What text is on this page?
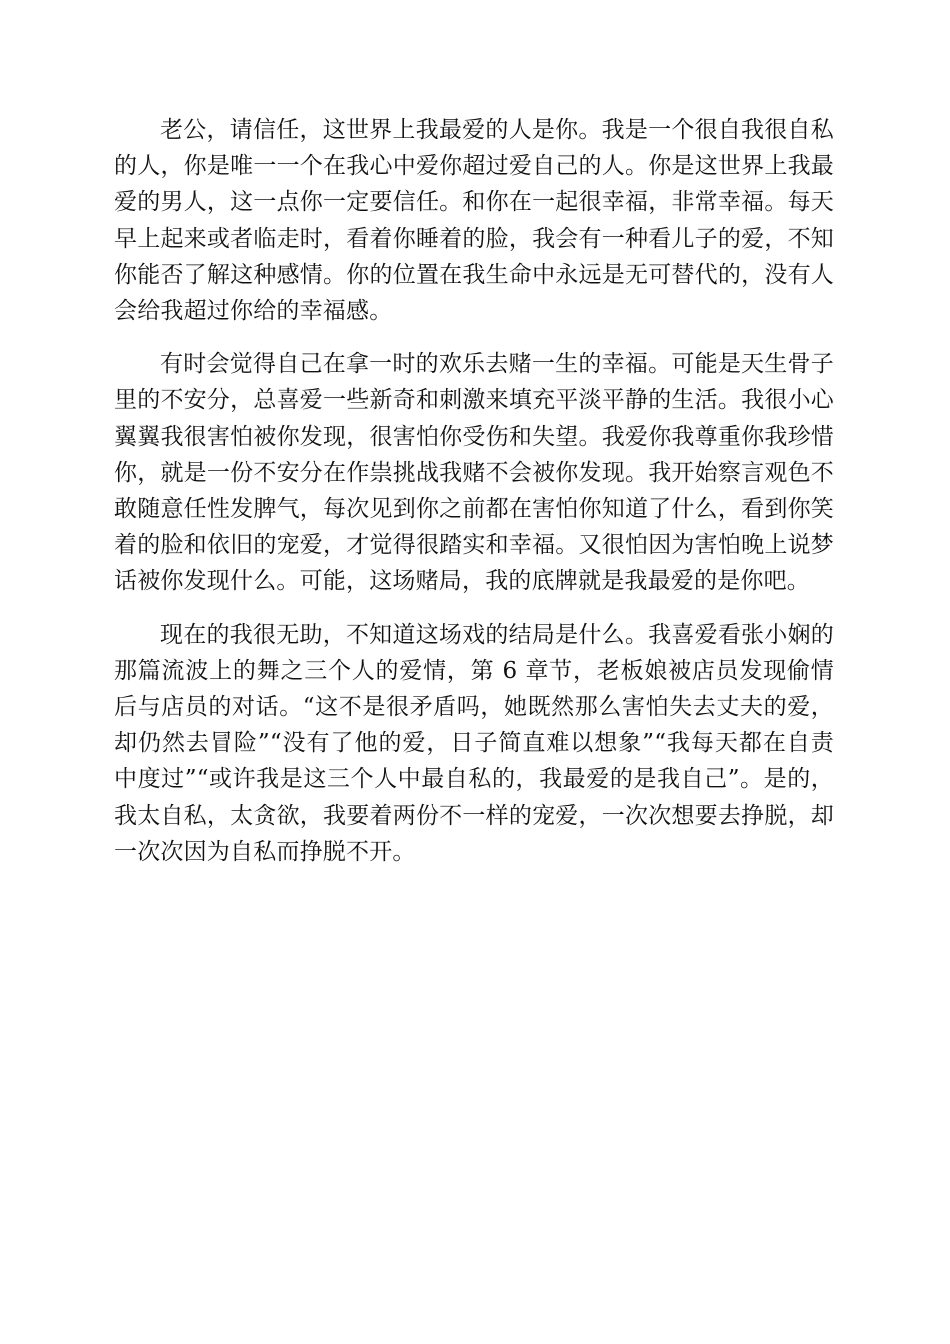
老公，请信任，这世界上我最爱的人是你。我是一个很自我很自私的人，你是唯一一个在我心中爱你超过爱自己的人。你是这世界上我最爱的男人，这一点你一定要信任。和你在一起很幸福，非常幸福。每天早上起来或者临走时，看着你睡着的脸，我会有一种看儿子的爱，不知你能否了解这种感情。你的位置在我生命中永远是无可替代的，没有人会给我超过你给的幸福感。

有时会觉得自己在拿一时的欢乐去赌一生的幸福。可能是天生骨子里的不安分，总喜爱一些新奇和刺激来填充平淡平静的生活。我很小心翼翼我很害怕被你发现，很害怕你受伤和失望。我爱你我尊重你我珍惜你，就是一份不安分在作祟挑战我赌不会被你发现。我开始察言观色不敢随意任性发脾气，每次见到你之前都在害怕你知道了什么，看到你笑着的脸和依旧的宠爱，才觉得很踏实和幸福。又很怕因为害怕晚上说梦话被你发现什么。可能，这场赌局，我的底牌就是我最爱的是你吧。

现在的我很无助，不知道这场戏的结局是什么。我喜爱看张小娴的那篇流波上的舞之三个人的爱情，第 6 章节，老板娘被店员发现偷情后与店员的对话。“这不是很矛盾吗，她既然那么害怕失去丈夫的爱，却仍然去冒险”“没有了他的爱，日子简直难以想象”“我每天都在自责中度过”“或许我是这三个人中最自私的，我最爱的是我自己”。是的，我太自私，太贪欲，我要着两份不一样的宠爱，一次次想要去挣脱，却一次次因为自私而挣脱不开。
